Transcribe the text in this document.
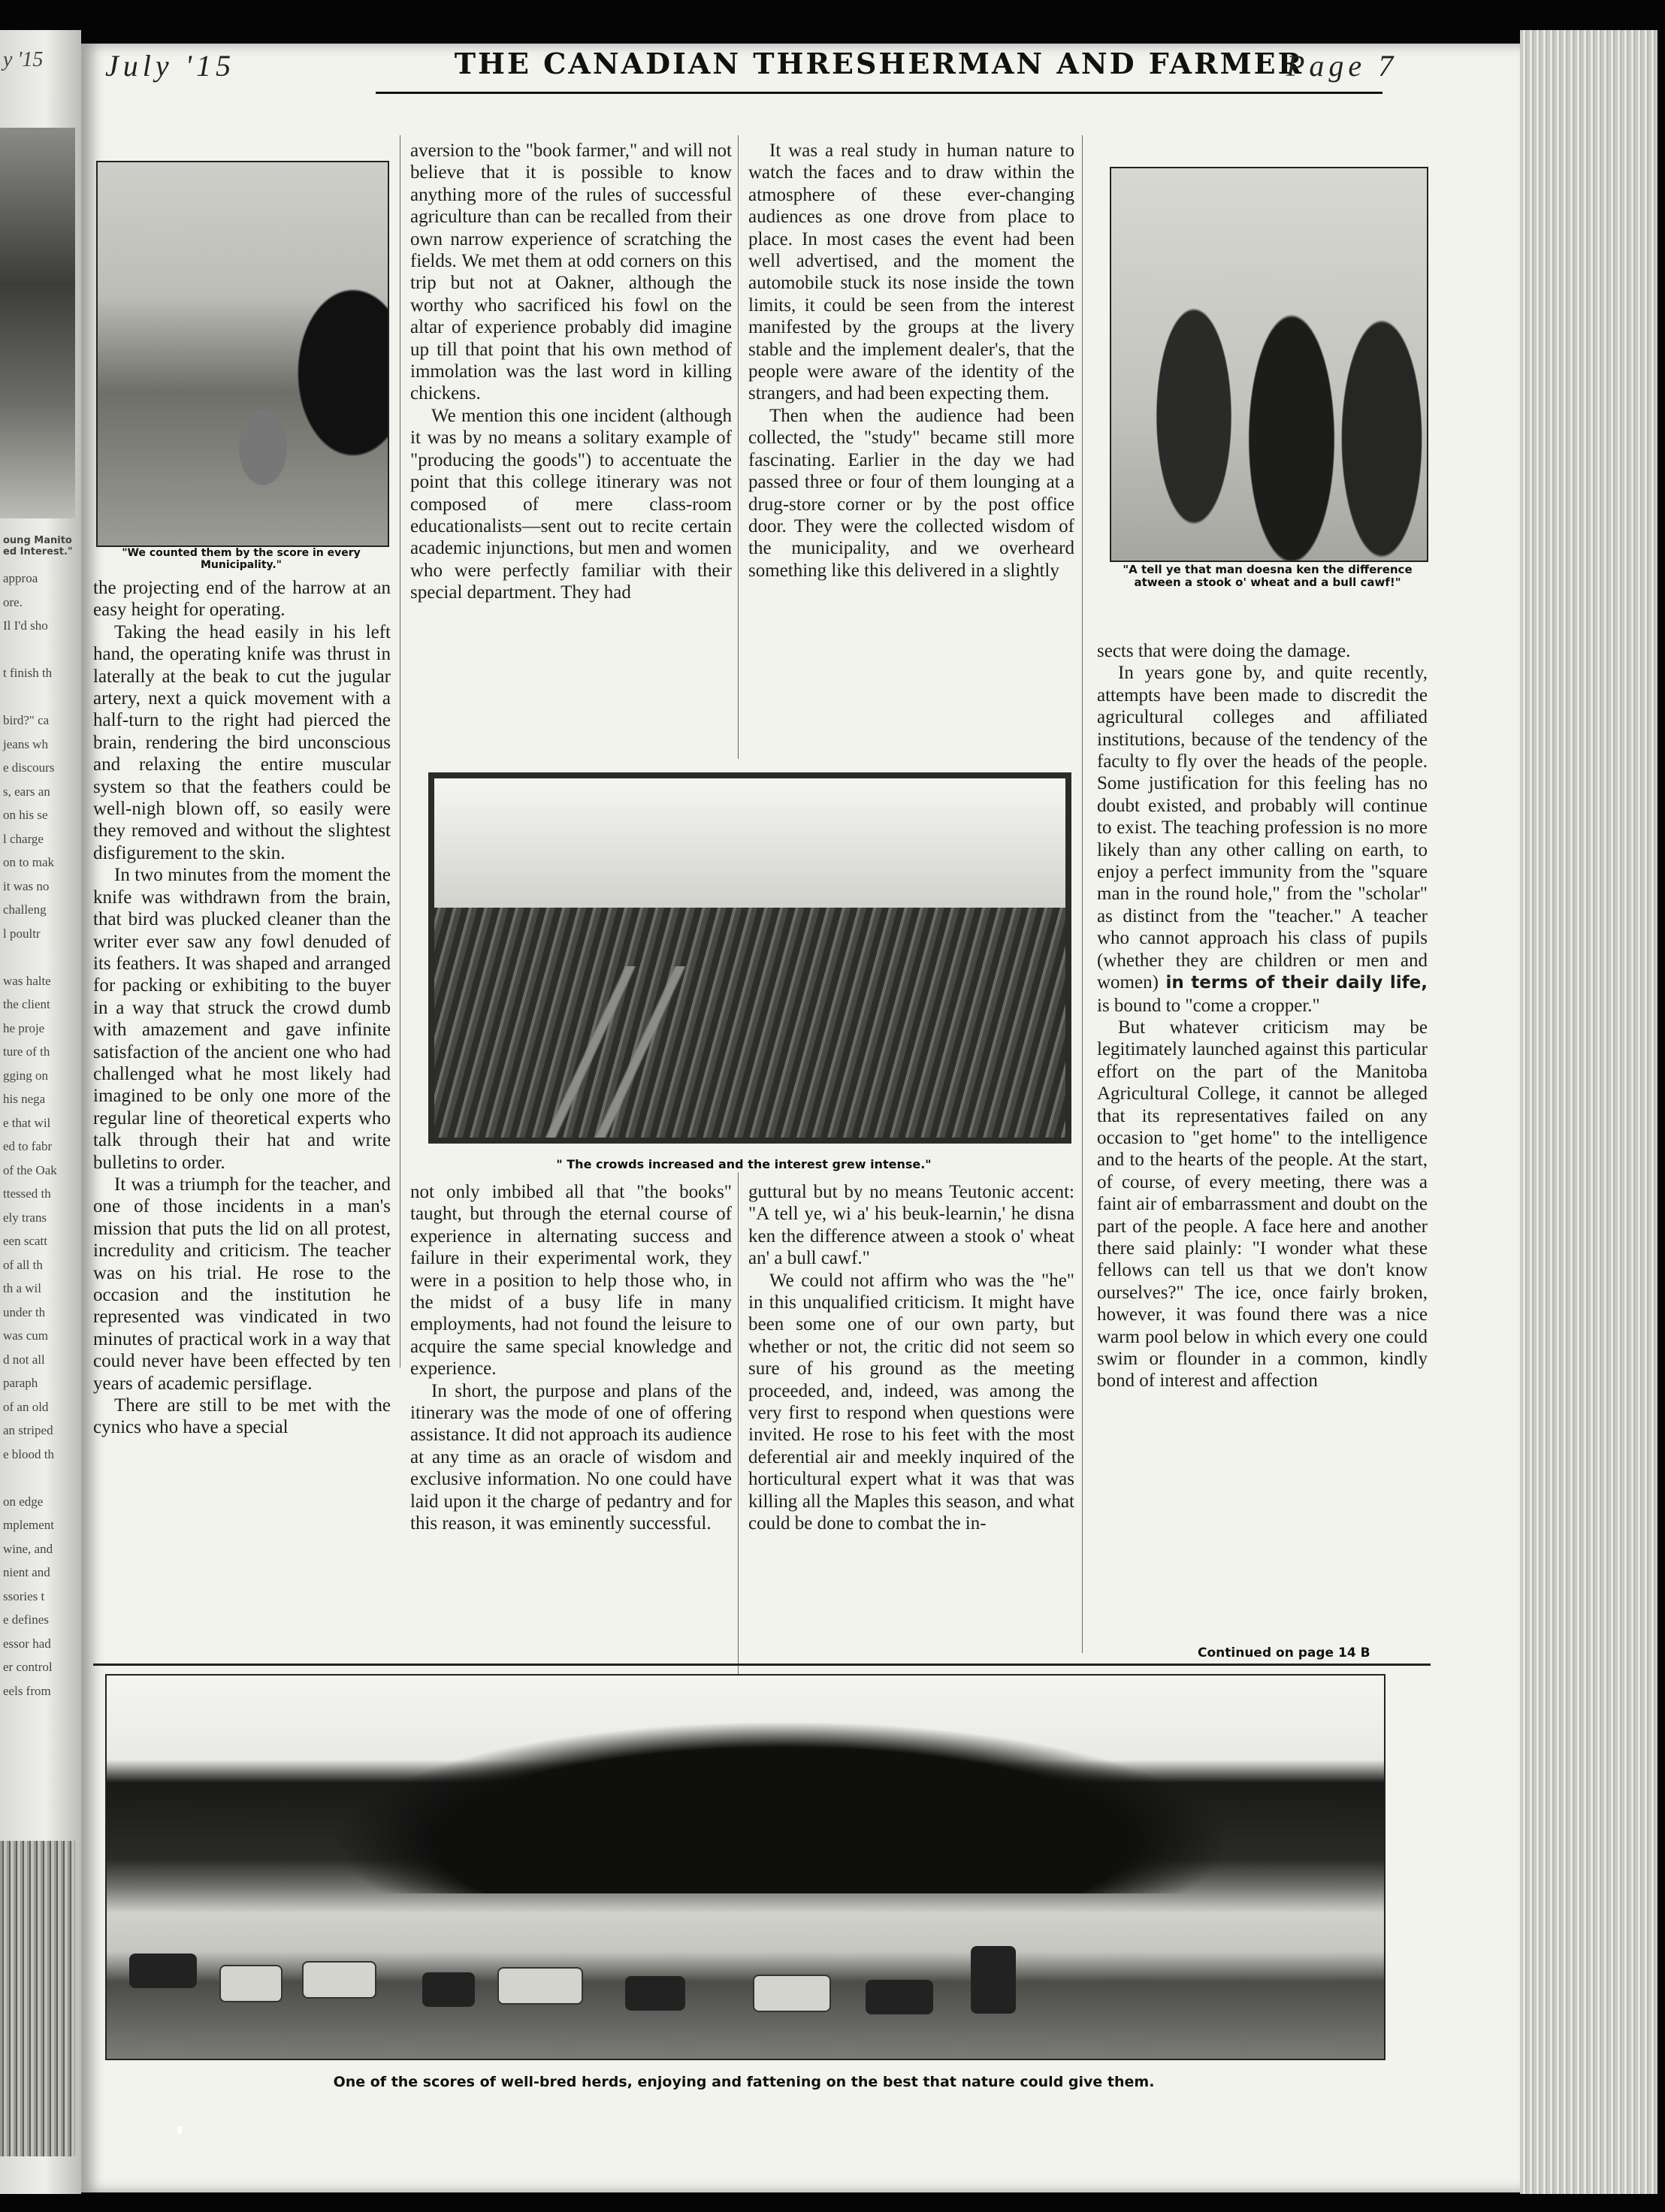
y '15
oung Manito ed Interest."
approa
ore.
Il I'd sho
t finish th
bird?" ca
jeans wh
e discours
s, ears an
on his se
l charge
on to mak
it was no
challeng
l poultr
was halte
the client
he proje
ture of th
gging on
his nega
e that wil
ed to fabr
of the Oak
ttessed th
ely trans
een scatt
of all th
th a wil
under th
was cum
d not all
paraph
of an old
an striped
e blood th
on edge
mplement
wine, and
nient and
ssories t
e defines
essor had
er control
eels from
July '15	THE CANADIAN THRESHERMAN AND FARMER
Page 7
"We counted them by the score in every Municipality."	"A tell ye that man doesna ken the difference atween a stook o' wheat and a bull cawf!"
" The crowds increased and the interest grew intense."

the projecting end of the harrow at an easy height for operating.

Taking the head easily in his left hand, the operating knife was thrust in laterally at the beak to cut the jugular artery, next a quick movement with a half-turn to the right had pierced the brain, rendering the bird unconscious and relaxing the entire muscular system so that the feathers could be well-nigh blown off, so easily were they removed and without the slightest disfigurement to the skin.

In two minutes from the moment the knife was withdrawn from the brain, that bird was plucked cleaner than the writer ever saw any fowl denuded of its feathers. It was shaped and arranged for packing or exhibiting to the buyer in a way that struck the crowd dumb with amazement and gave infinite satisfaction of the ancient one who had challenged what he most likely had imagined to be only one more of the regular line of theoretical experts who talk through their hat and write bulletins to order.

It was a triumph for the teacher, and one of those incidents in a man's mission that puts the lid on all protest, incredulity and criticism. The teacher was on his trial. He rose to the occasion and the institution he represented was vindicated in two minutes of practical work in a way that could never have been effected by ten years of academic persiflage.

There are still to be met with the cynics who have a special

aversion to the "book farmer," and will not believe that it is possible to know anything more of the rules of successful agriculture than can be recalled from their own narrow experience of scratching the fields. We met them at odd corners on this trip but not at Oakner, although the worthy who sacrificed his fowl on the altar of experience probably did imagine up till that point that his own method of immolation was the last word in killing chickens.

We mention this one incident (although it was by no means a solitary example of "producing the goods") to accentuate the point that this college itinerary was not composed of mere class-room educationalists—sent out to recite certain academic injunctions, but men and women who were perfectly familiar with their special department. They had

It was a real study in human nature to watch the faces and to draw within the atmosphere of these ever-changing audiences as one drove from place to place. In most cases the event had been well advertised, and the moment the automobile stuck its nose inside the town limits, it could be seen from the interest manifested by the groups at the livery stable and the implement dealer's, that the people were aware of the identity of the strangers, and had been expecting them.

Then when the audience had been collected, the "study" became still more fascinating. Earlier in the day we had passed three or four of them lounging at a drug-store corner or by the post office door. They were the collected wisdom of the municipality, and we overheard something like this delivered in a slightly

not only imbibed all that "the books" taught, but through the eternal course of experience in alternating success and failure in their experimental work, they were in a position to help those who, in the midst of a busy life in many employments, had not found the leisure to acquire the same special knowledge and experience.

In short, the purpose and plans of the itinerary was the mode of one of offering assistance. It did not approach its audience at any time as an oracle of wisdom and exclusive information. No one could have laid upon it the charge of pedantry and for this reason, it was eminently successful.

guttural but by no means Teutonic accent: "A tell ye, wi a' his beuk-learnin,' he disna ken the difference atween a stook o' wheat an' a bull cawf."

We could not affirm who was the "he" in this unqualified criticism. It might have been some one of our own party, but whether or not, the critic did not seem so sure of his ground as the meeting proceeded, and, indeed, was among the very first to respond when questions were invited. He rose to his feet with the most deferential air and meekly inquired of the horticultural expert what it was that was killing all the Maples this season, and what could be done to combat the in-

sects that were doing the damage.

In years gone by, and quite recently, attempts have been made to discredit the agricultural colleges and affiliated institutions, because of the tendency of the faculty to fly over the heads of the people. Some justification for this feeling has no doubt existed, and probably will continue to exist. The teaching profession is no more likely than any other calling on earth, to enjoy a perfect immunity from the "square man in the round hole," from the "scholar" as distinct from the "teacher." A teacher who cannot approach his class of pupils (whether they are children or men and women) in terms of their daily life, is bound to "come a cropper."

But whatever criticism may be legitimately launched against this particular effort on the part of the Manitoba Agricultural College, it cannot be alleged that its representatives failed on any occasion to "get home" to the intelligence and to the hearts of the people. At the start, of course, of every meeting, there was a faint air of embarrassment and doubt on the part of the people. A face here and another there said plainly: "I wonder what these fellows can tell us that we don't know ourselves?" The ice, once fairly broken, however, it was found there was a nice warm pool below in which every one could swim or flounder in a common, kindly bond of interest and affection

Continued on page 14 B
One of the scores of well-bred herds, enjoying and fattening on the best that nature could give them.
